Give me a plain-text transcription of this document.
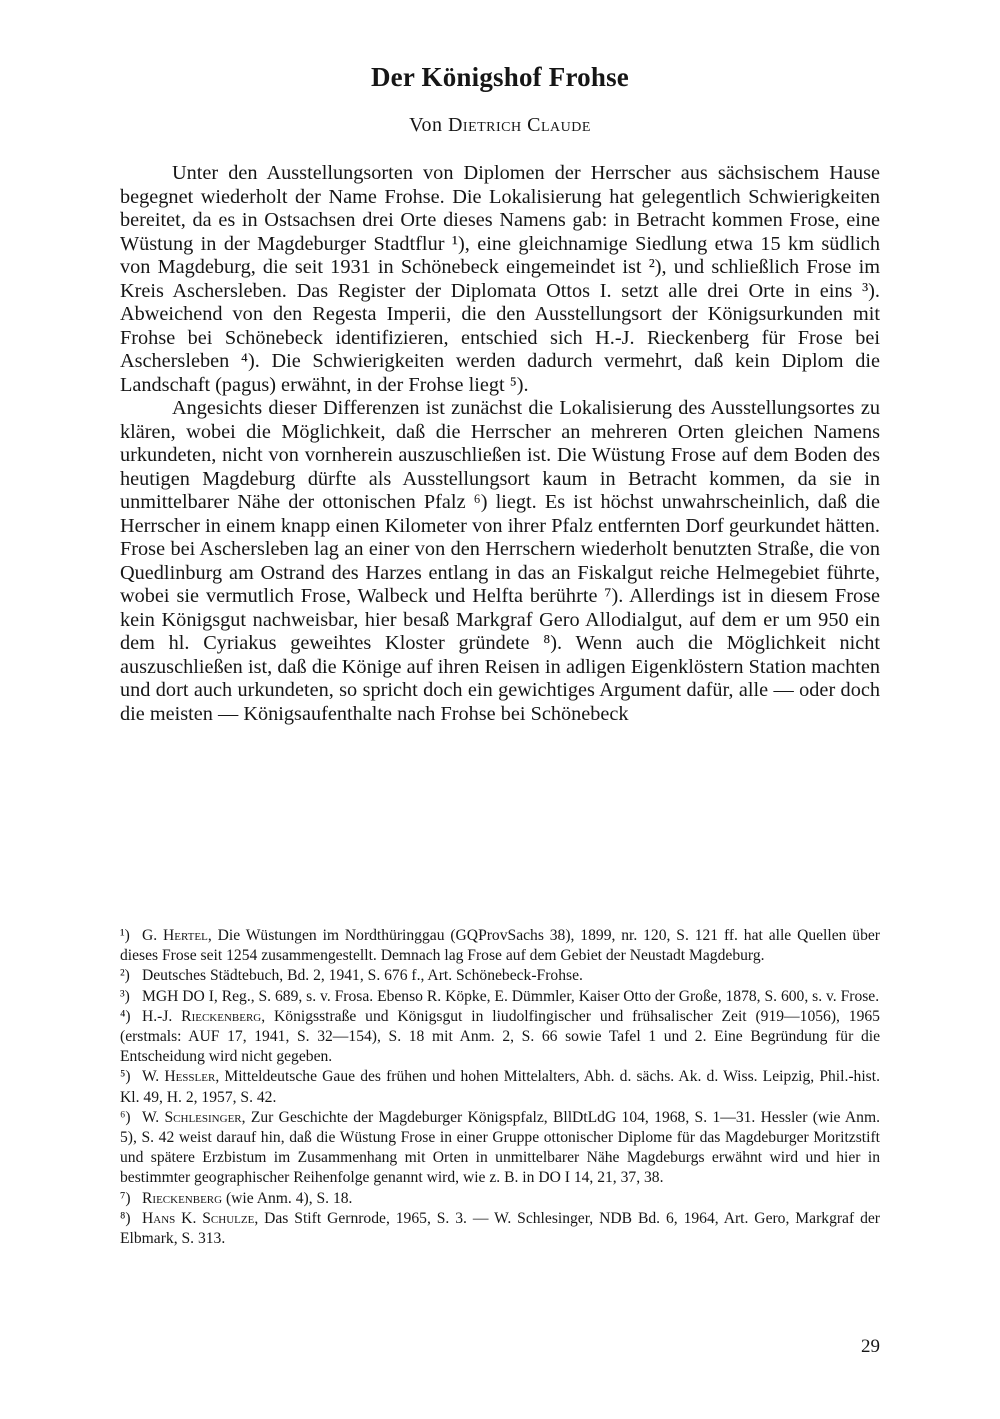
Der Königshof Frohse
Von Dietrich Claude

Unter den Ausstellungsorten von Diplomen der Herrscher aus sächsischem Hause begegnet wiederholt der Name Frohse. Die Lokalisierung hat gelegentlich Schwierigkeiten bereitet, da es in Ostsachsen drei Orte dieses Namens gab: in Betracht kommen Frose, eine Wüstung in der Magdeburger Stadtflur ¹), eine gleichnamige Siedlung etwa 15 km südlich von Magdeburg, die seit 1931 in Schönebeck eingemeindet ist ²), und schließlich Frose im Kreis Aschersleben. Das Register der Diplomata Ottos I. setzt alle drei Orte in eins ³). Abweichend von den Regesta Imperii, die den Ausstellungsort der Königsurkunden mit Frohse bei Schönebeck identifizieren, entschied sich H.-J. Rieckenberg für Frose bei Aschersleben ⁴). Die Schwierigkeiten werden dadurch vermehrt, daß kein Diplom die Landschaft (pagus) erwähnt, in der Frohse liegt ⁵).

Angesichts dieser Differenzen ist zunächst die Lokalisierung des Ausstellungsortes zu klären, wobei die Möglichkeit, daß die Herrscher an mehreren Orten gleichen Namens urkundeten, nicht von vornherein auszuschließen ist. Die Wüstung Frose auf dem Boden des heutigen Magdeburg dürfte als Ausstellungsort kaum in Betracht kommen, da sie in unmittelbarer Nähe der ottonischen Pfalz ⁶) liegt. Es ist höchst unwahrscheinlich, daß die Herrscher in einem knapp einen Kilometer von ihrer Pfalz entfernten Dorf geurkundet hätten. Frose bei Aschersleben lag an einer von den Herrschern wiederholt benutzten Straße, die von Quedlinburg am Ostrand des Harzes entlang in das an Fiskalgut reiche Helmegebiet führte, wobei sie vermutlich Frose, Walbeck und Helfta berührte ⁷). Allerdings ist in diesem Frose kein Königsgut nachweisbar, hier besaß Markgraf Gero Allodialgut, auf dem er um 950 ein dem hl. Cyriakus geweihtes Kloster gründete ⁸). Wenn auch die Möglichkeit nicht auszuschließen ist, daß die Könige auf ihren Reisen in adligen Eigenklöstern Station machten und dort auch urkundeten, so spricht doch ein gewichtiges Argument dafür, alle — oder doch die meisten — Königsaufenthalte nach Frohse bei Schönebeck

¹) G. Hertel, Die Wüstungen im Nordthüringgau (GQProvSachs 38), 1899, nr. 120, S. 121 ff. hat alle Quellen über dieses Frose seit 1254 zusammengestellt. Demnach lag Frose auf dem Gebiet der Neustadt Magdeburg.

²) Deutsches Städtebuch, Bd. 2, 1941, S. 676 f., Art. Schönebeck-Frohse.

³) MGH DO I, Reg., S. 689, s. v. Frosa. Ebenso R. Köpke, E. Dümmler, Kaiser Otto der Große, 1878, S. 600, s. v. Frose.

⁴) H.-J. Rieckenberg, Königsstraße und Königsgut in liudolfingischer und frühsalischer Zeit (919—1056), 1965 (erstmals: AUF 17, 1941, S. 32—154), S. 18 mit Anm. 2, S. 66 sowie Tafel 1 und 2. Eine Begründung für die Entscheidung wird nicht gegeben.

⁵) W. Hessler, Mitteldeutsche Gaue des frühen und hohen Mittelalters, Abh. d. sächs. Ak. d. Wiss. Leipzig, Phil.-hist. Kl. 49, H. 2, 1957, S. 42.

⁶) W. Schlesinger, Zur Geschichte der Magdeburger Königspfalz, BllDtLdG 104, 1968, S. 1—31. Hessler (wie Anm. 5), S. 42 weist darauf hin, daß die Wüstung Frose in einer Gruppe ottonischer Diplome für das Magdeburger Moritzstift und spätere Erzbistum im Zusammenhang mit Orten in unmittelbarer Nähe Magdeburgs erwähnt wird und hier in bestimmter geographischer Reihenfolge genannt wird, wie z. B. in DO I 14, 21, 37, 38.

⁷) Rieckenberg (wie Anm. 4), S. 18.

⁸) Hans K. Schulze, Das Stift Gernrode, 1965, S. 3. — W. Schlesinger, NDB Bd. 6, 1964, Art. Gero, Markgraf der Elbmark, S. 313.

29
